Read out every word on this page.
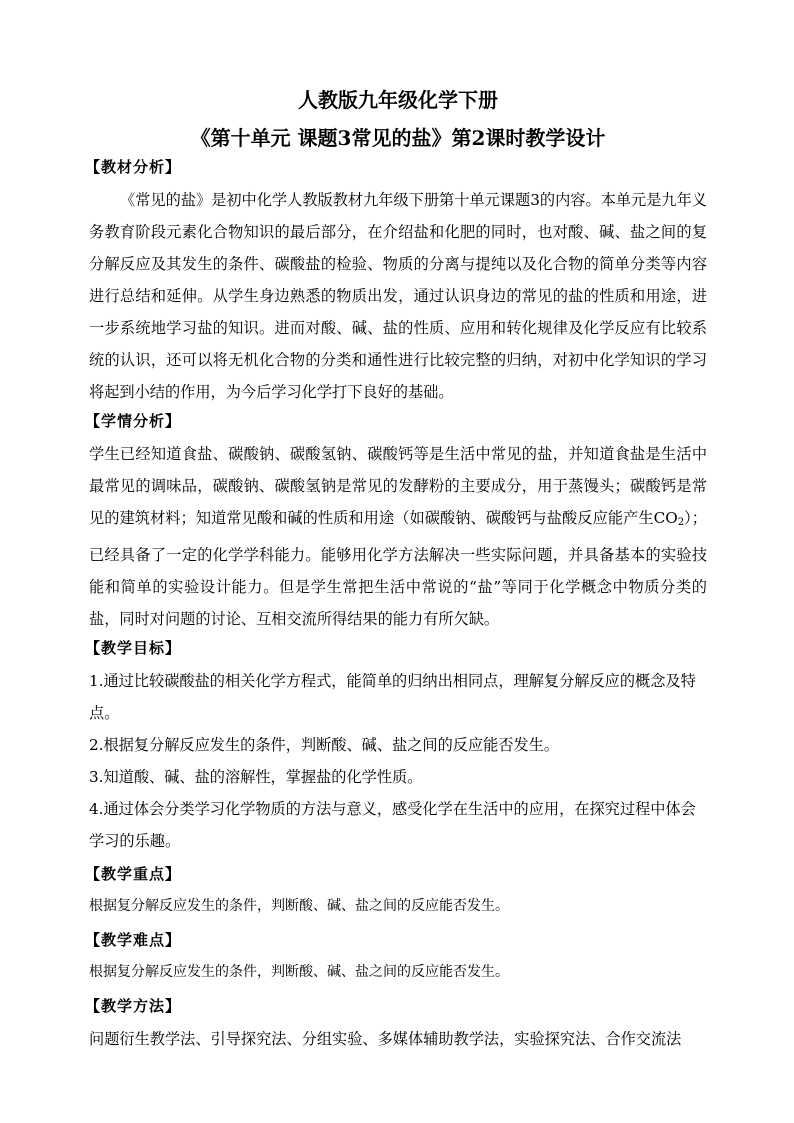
人教版九年级化学下册
《第十单元 课题3常见的盐》第2课时教学设计
【教材分析】

《常见的盐》是初中化学人教版教材九年级下册第十单元课题3的内容。本单元是九年义务教育阶段元素化合物知识的最后部分，在介绍盐和化肥的同时，也对酸、碱、盐之间的复分解反应及其发生的条件、碳酸盐的检验、物质的分离与提纯以及化合物的简单分类等内容进行总结和延伸。从学生身边熟悉的物质出发，通过认识身边的常见的盐的性质和用途，进一步系统地学习盐的知识。进而对酸、碱、盐的性质、应用和转化规律及化学反应有比较系统的认识，还可以将无机化合物的分类和通性进行比较完整的归纳，对初中化学知识的学习将起到小结的作用，为今后学习化学打下良好的基础。

【学情分析】

学生已经知道食盐、碳酸钠、碳酸氢钠、碳酸钙等是生活中常见的盐，并知道食盐是生活中最常见的调味品，碳酸钠、碳酸氢钠是常见的发酵粉的主要成分，用于蒸馒头；碳酸钙是常见的建筑材料；知道常见酸和碱的性质和用途（如碳酸钠、碳酸钙与盐酸反应能产生$CO_2$）；已经具备了一定的化学学科能力。能够用化学方法解决一些实际问题，并具备基本的实验技能和简单的实验设计能力。但是学生常把生活中常说的“盐”等同于化学概念中物质分类的盐，同时对问题的讨论、互相交流所得结果的能力有所欠缺。

【教学目标】

1.通过比较碳酸盐的相关化学方程式，能简单的归纳出相同点，理解复分解反应的概念及特点。

2.根据复分解反应发生的条件，判断酸、碱、盐之间的反应能否发生。

3.知道酸、碱、盐的溶解性，掌握盐的化学性质。

4.通过体会分类学习化学物质的方法与意义，感受化学在生活中的应用，在探究过程中体会学习的乐趣。

【教学重点】

根据复分解反应发生的条件，判断酸、碱、盐之间的反应能否发生。

【教学难点】

根据复分解反应发生的条件，判断酸、碱、盐之间的反应能否发生。

【教学方法】

问题衍生教学法、引导探究法、分组实验、多媒体辅助教学法，实验探究法、合作交流法
